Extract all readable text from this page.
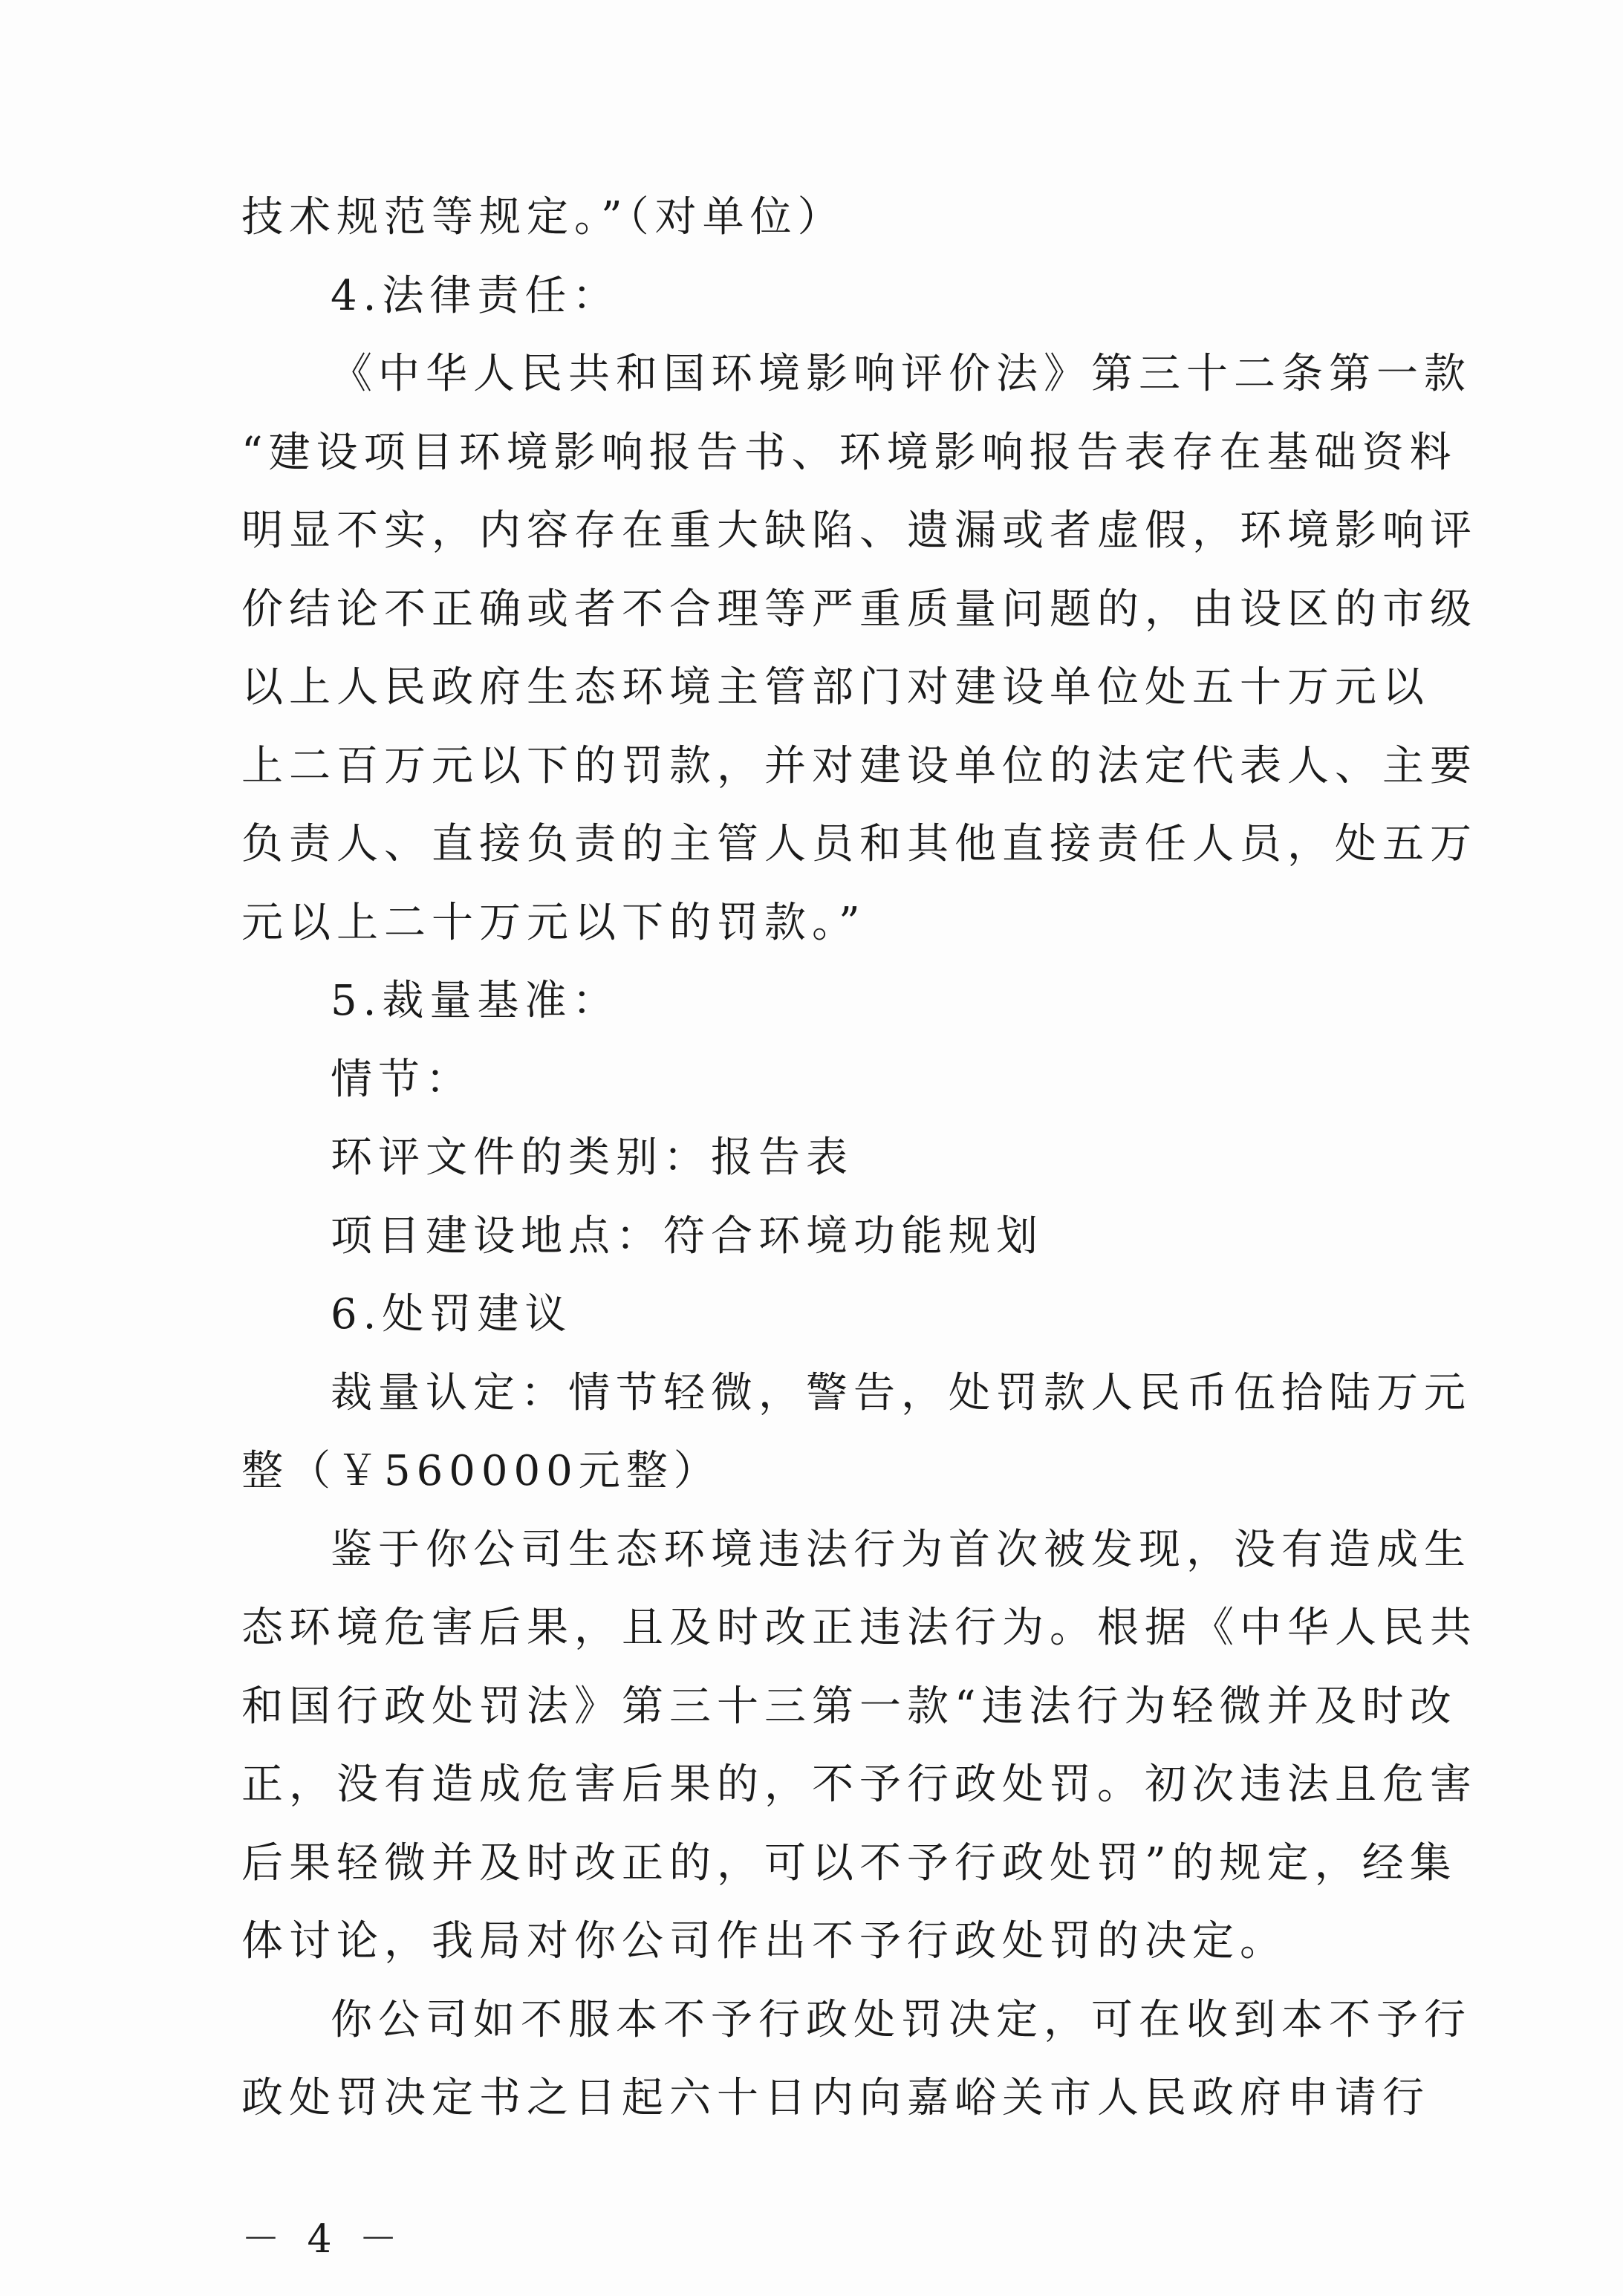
技术规范等规定。”（对单位）
4.法律责任：
《中华人民共和国环境影响评价法》第三十二条第一款
“建设项目环境影响报告书、环境影响报告表存在基础资料
明显不实，内容存在重大缺陷、遗漏或者虚假，环境影响评
价结论不正确或者不合理等严重质量问题的，由设区的市级
以上人民政府生态环境主管部门对建设单位处五十万元以
上二百万元以下的罚款，并对建设单位的法定代表人、主要
负责人、直接负责的主管人员和其他直接责任人员，处五万
元以上二十万元以下的罚款。”
5.裁量基准：
情节：
环评文件的类别：报告表
项目建设地点：符合环境功能规划
6.处罚建议
裁量认定：情节轻微，警告，处罚款人民币伍拾陆万元
整（￥560000元整）
鉴于你公司生态环境违法行为首次被发现，没有造成生
态环境危害后果，且及时改正违法行为。根据《中华人民共
和国行政处罚法》第三十三第一款“违法行为轻微并及时改
正，没有造成危害后果的，不予行政处罚。初次违法且危害
后果轻微并及时改正的，可以不予行政处罚”的规定，经集
体讨论，我局对你公司作出不予行政处罚的决定。
你公司如不服本不予行政处罚决定，可在收到本不予行
政处罚决定书之日起六十日内向嘉峪关市人民政府申请行
－ 4 －
